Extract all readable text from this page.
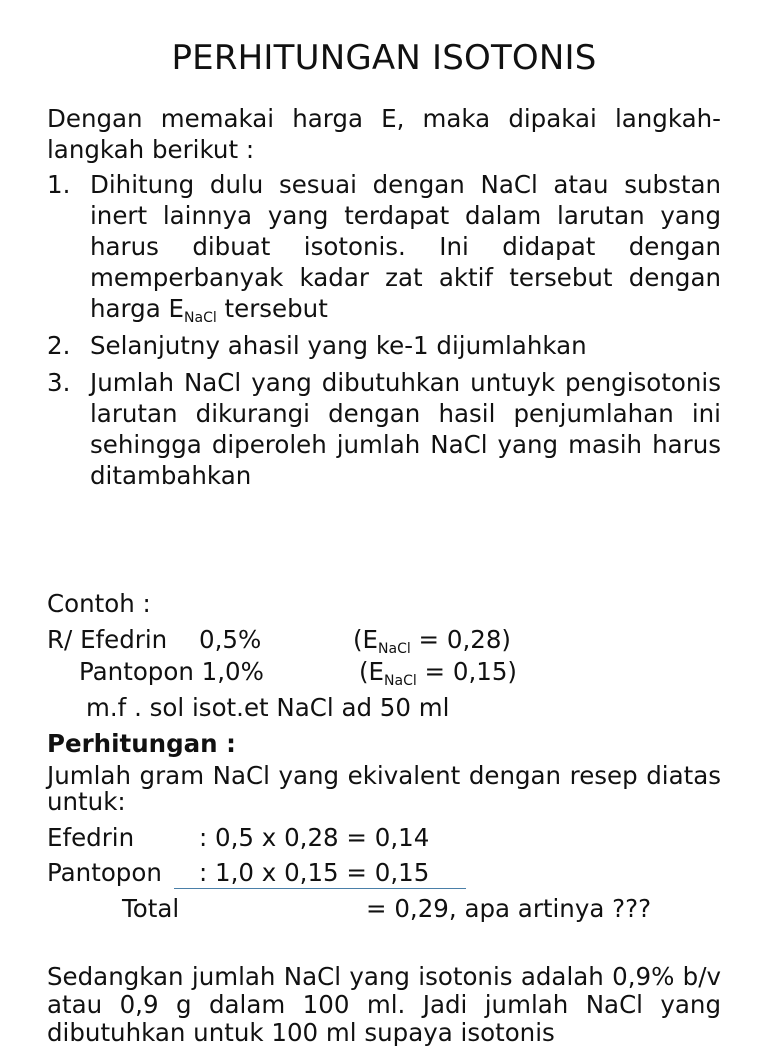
PERHITUNGAN ISOTONIS

Dengan memakai harga E, maka dipakai langkah-langkah berikut :

1. Dihitung dulu sesuai dengan NaCl atau substan inert lainnya yang terdapat dalam larutan yang harus dibuat isotonis. Ini didapat dengan memperbanyak kadar zat aktif tersebut dengan harga $E_{NaCl}$ tersebut
2. Selanjutny ahasil yang ke-1 dijumlahkan
3. Jumlah NaCl yang dibutuhkan untuyk pengisotonis larutan dikurangi dengan hasil penjumlahan ini sehingga diperoleh jumlah NaCl yang masih harus ditambahkan
Contoh :
R/ Efedrin 0,5%	$(E_{NaCl} = 0,28)$
Pantopon 1,0%	$(E_{NaCl} = 0,15)$
m.f . sol isot.et NaCl ad 50 ml
Perhitungan :
Jumlah gram NaCl yang ekivalent dengan resep diatas untuk:
Efedrin	: 0,5 x 0,28 = 0,14
Pantopon : 1,0 x 0,15 = 0,15
Total	= 0,29, apa artinya ???
Sedangkan jumlah NaCl yang isotonis adalah 0,9% b/v atau 0,9 g dalam 100 ml. Jadi jumlah NaCl yang dibutuhkan untuk 100 ml supaya isotonis
